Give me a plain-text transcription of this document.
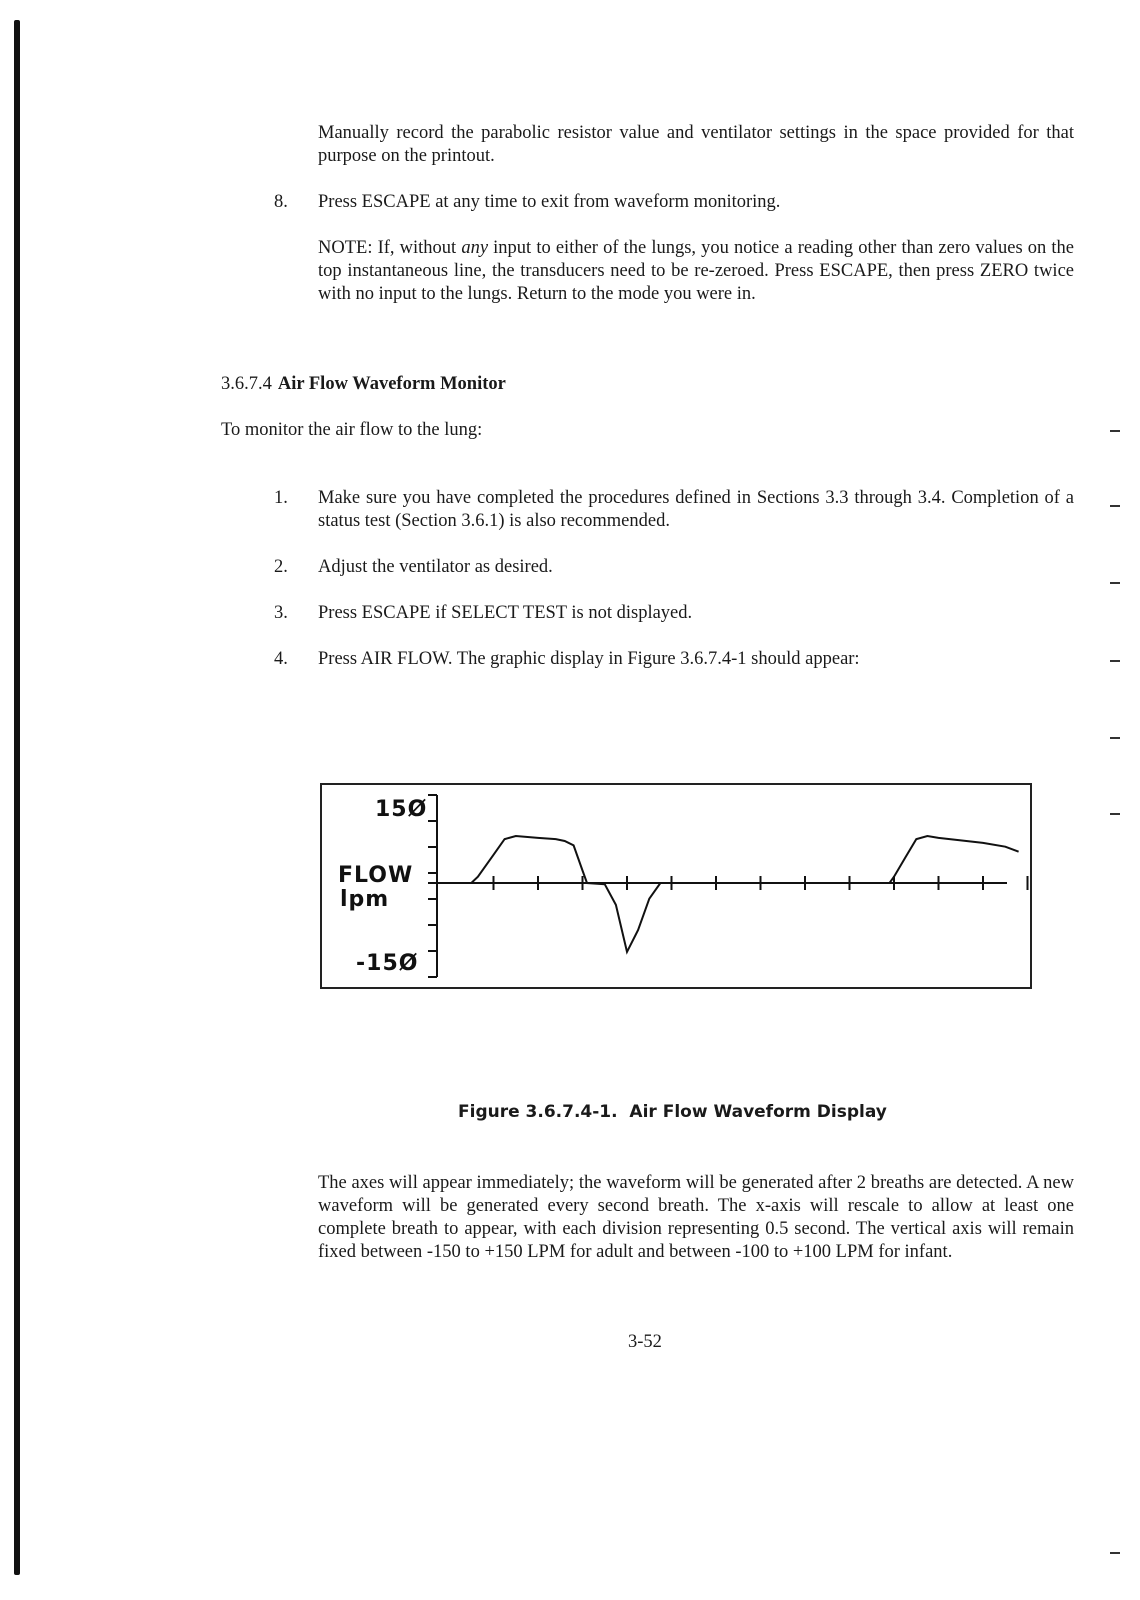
Manually record the parabolic resistor value and ventilator settings in the space provided for that purpose on the printout.

8.	Press ESCAPE at any time to exit from waveform monitoring.

NOTE: If, without any input to either of the lungs, you notice a reading other than zero values on the top instantaneous line, the transducers need to be re-zeroed. Press ESCAPE, then press ZERO twice with no input to the lungs. Return to the mode you were in.

3.6.7.4 Air Flow Waveform Monitor
To monitor the air flow to the lung:
1.	Make sure you have completed the procedures defined in Sections 3.3 through 3.4. Completion of a status test (Section 3.6.1) is also recommended.
2.	Adjust the ventilator as desired.
3.	Press ESCAPE if SELECT TEST is not displayed.
4.	Press AIR FLOW. The graphic display in Figure 3.6.7.4-1 should appear:
15Ø
FLOW
lpm
-15Ø
Figure 3.6.7.4-1. Air Flow Waveform Display

The axes will appear immediately; the waveform will be generated after 2 breaths are detected. A new waveform will be generated every second breath. The x-axis will rescale to allow at least one complete breath to appear, with each division representing 0.5 second. The vertical axis will remain fixed between -150 to +150 LPM for adult and between -100 to +100 LPM for infant.

3-52
